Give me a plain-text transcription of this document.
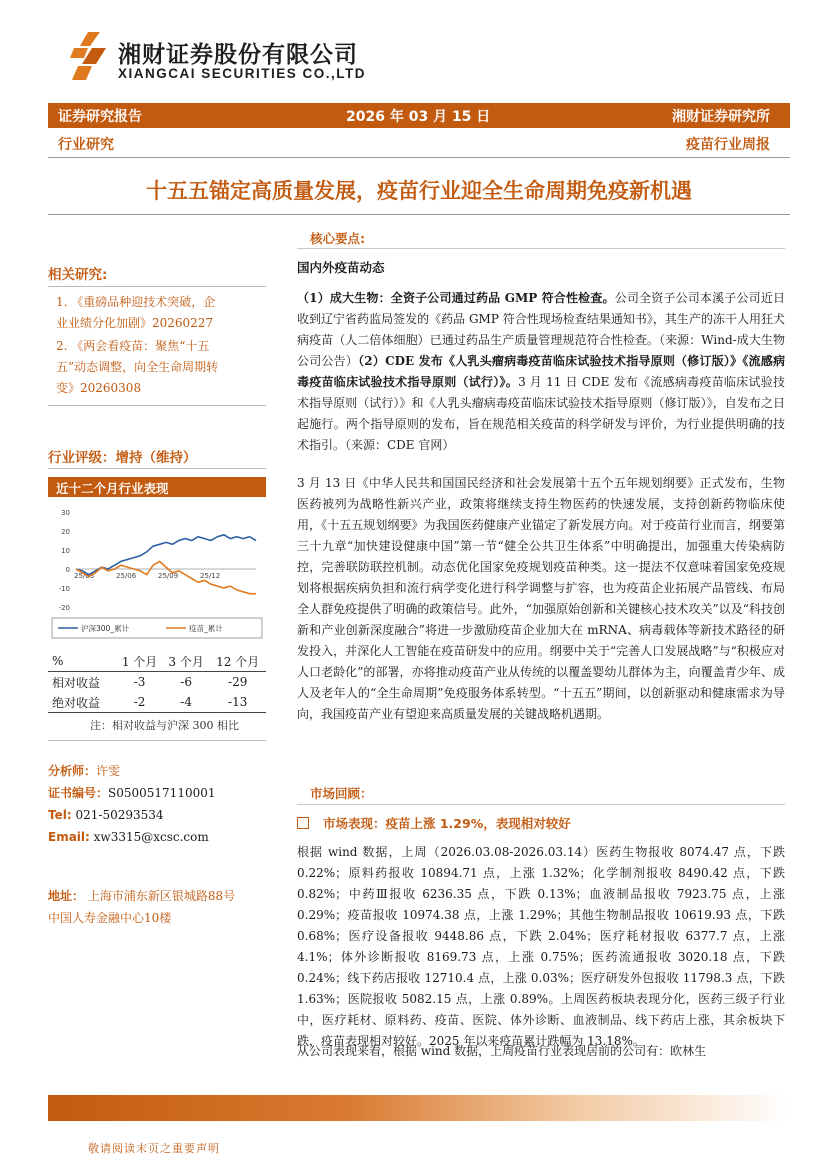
湘财证券股份有限公司
XIANGCAI SECURITIES CO.,LTD
证券研究报告	2026 年 03 月 15 日	湘财证券研究所
行业研究	疫苗行业周报
十五五锚定高质量发展，疫苗行业迎全生命周期免疫新机遇
相关研究:
1. 《重磅品种迎技术突破，企
业业绩分化加剧》20260227
2. 《两会看疫苗：聚焦“十五
五”动态调整，向全生命周期转
变》20260308
行业评级：增持（维持）
近十二个月行业表现
30
20
10
0
-10
-20
25/03	25/06	25/09	25/12
沪深300_累计	疫苗_累计
%	1 个月	3 个月	12 个月
相对收益	-3	-6	-29
绝对收益	-2	-4	-13
注：相对收益与沪深 300 相比
分析师：许雯
证书编号：S0500517110001
Tel: 021-50293534
Email: xw3315@xcsc.com
地址： 上海市浦东新区银城路88号
中国人寿金融中心10楼
核心要点:
国内外疫苗动态
（1）成大生物：全资子公司通过药品 GMP 符合性检查。公司全资子公司本溪子公司近日收到辽宁省药监局签发的《药品 GMP 符合性现场检查结果通知书》，其生产的冻干人用狂犬病疫苗（人二倍体细胞）已通过药品生产质量管理规范符合性检查。（来源：Wind-成大生物公司公告）（2）CDE 发布《人乳头瘤病毒疫苗临床试验技术指导原则（修订版）》《流感病毒疫苗临床试验技术指导原则（试行）》。3 月 11 日 CDE 发布《流感病毒疫苗临床试验技术指导原则（试行）》和《人乳头瘤病毒疫苗临床试验技术指导原则（修订版）》，自发布之日起施行。两个指导原则的发布，旨在规范相关疫苗的科学研发与评价，为行业提供明确的技术指引。（来源：CDE 官网）
3 月 13 日《中华人民共和国国民经济和社会发展第十五个五年规划纲要》正式发布，生物医药被列为战略性新兴产业，政策将继续支持生物医药的快速发展，支持创新药物临床使用，《十五五规划纲要》为我国医药健康产业锚定了新发展方向。对于疫苗行业而言，纲要第三十九章“加快建设健康中国”第一节“健全公共卫生体系”中明确提出，加强重大传染病防控，完善联防联控机制。动态优化国家免疫规划疫苗种类。这一提法不仅意味着国家免疫规划将根据疾病负担和流行病学变化进行科学调整与扩容，也为疫苗企业拓展产品管线、布局全人群免疫提供了明确的政策信号。此外，“加强原始创新和关键核心技术攻关”以及“科技创新和产业创新深度融合”将进一步激励疫苗企业加大在 mRNA、病毒载体等新技术路径的研发投入，并深化人工智能在疫苗研发中的应用。纲要中关于“完善人口发展战略”与“积极应对人口老龄化”的部署，亦将推动疫苗产业从传统的以覆盖婴幼儿群体为主，向覆盖青少年、成人及老年人的“全生命周期”免疫服务体系转型。“十五五”期间，以创新驱动和健康需求为导向，我国疫苗产业有望迎来高质量发展的关键战略机遇期。
市场回顾：
市场表现：疫苗上涨 1.29%，表现相对较好
根据 wind 数据，上周（2026.03.08-2026.03.14）医药生物报收 8074.47 点，下跌 0.22%；原料药报收 10894.71 点，上涨 1.32%；化学制剂报收 8490.42 点，下跌 0.82%；中药Ⅲ报收 6236.35 点，下跌 0.13%；血液制品报收 7923.75 点，上涨 0.29%；疫苗报收 10974.38 点，上涨 1.29%；其他生物制品报收 10619.93 点，下跌 0.68%；医疗设备报收 9448.86 点，下跌 2.04%；医疗耗材报收 6377.7 点，上涨 4.1%；体外诊断报收 8169.73 点，上涨 0.75%；医药流通报收 3020.18 点，下跌 0.24%；线下药店报收 12710.4 点，上涨 0.03%；医疗研发外包报收 11798.3 点，下跌 1.63%；医院报收 5082.15 点，上涨 0.89%。上周医药板块表现分化，医药三级子行业中，医疗耗材、原料药、疫苗、医院、体外诊断、血液制品、线下药店上涨，其余板块下跌，疫苗表现相对较好。2025 年以来疫苗累计跌幅为 13.18%。
从公司表现来看，根据 wind 数据，上周疫苗行业表现居前的公司有：欧林生
敬请阅读末页之重要声明
